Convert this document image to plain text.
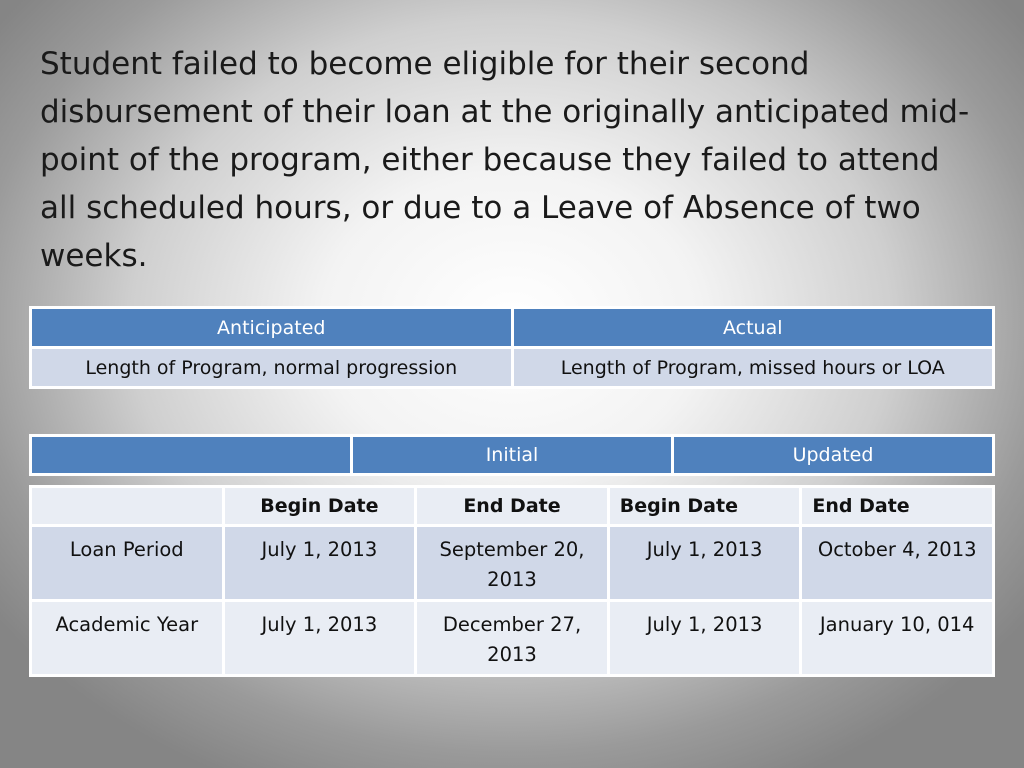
Student failed to become eligible for their second disbursement of their loan at the originally anticipated mid-point of the program, either because they failed to attend all scheduled hours, or due to a Leave of Absence of two weeks.

Anticipated	Actual
Length of Program, normal progression	Length of Program, missed hours or LOA
	Initial	Updated
	Begin Date	End Date	Begin Date	End Date
Loan Period	July 1, 2013	September 20, 2013	July 1, 2013	October 4, 2013
Academic Year	July 1, 2013	December 27, 2013	July 1, 2013	January 10, 014
